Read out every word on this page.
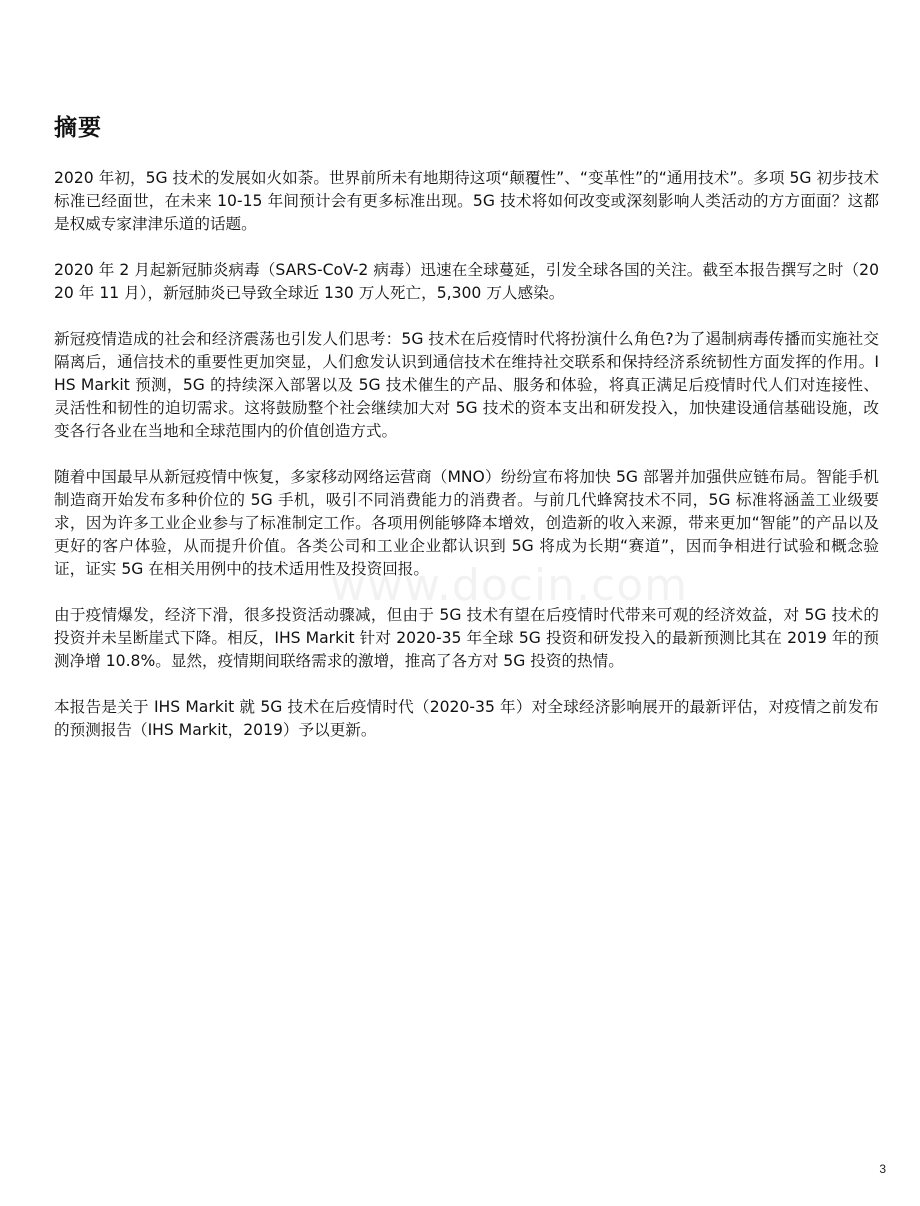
摘要

2020 年初，5G 技术的发展如火如荼。世界前所未有地期待这项“颠覆性”、“变革性”的“通用技术”。多项 5G 初步技术标准已经面世，在未来 10-15 年间预计会有更多标准出现。5G 技术将如何改变或深刻影响人类活动的方方面面？这都是权威专家津津乐道的话题。

2020 年 2 月起新冠肺炎病毒（SARS-CoV-2 病毒）迅速在全球蔓延，引发全球各国的关注。截至本报告撰写之时（2020 年 11 月），新冠肺炎已导致全球近 130 万人死亡，5,300 万人感染。

新冠疫情造成的社会和经济震荡也引发人们思考：5G 技术在后疫情时代将扮演什么角色?为了遏制病毒传播而实施社交隔离后，通信技术的重要性更加突显，人们愈发认识到通信技术在维持社交联系和保持经济系统韧性方面发挥的作用。IHS Markit 预测，5G 的持续深入部署以及 5G 技术催生的产品、服务和体验，将真正满足后疫情时代人们对连接性、灵活性和韧性的迫切需求。这将鼓励整个社会继续加大对 5G 技术的资本支出和研发投入，加快建设通信基础设施，改变各行各业在当地和全球范围内的价值创造方式。

随着中国最早从新冠疫情中恢复，多家移动网络运营商（MNO）纷纷宣布将加快 5G 部署并加强供应链布局。智能手机制造商开始发布多种价位的 5G 手机，吸引不同消费能力的消费者。与前几代蜂窝技术不同，5G 标准将涵盖工业级要求，因为许多工业企业参与了标准制定工作。各项用例能够降本增效，创造新的收入来源，带来更加“智能”的产品以及更好的客户体验，从而提升价值。各类公司和工业企业都认识到 5G 将成为长期“赛道”，因而争相进行试验和概念验证，证实 5G 在相关用例中的技术适用性及投资回报。

由于疫情爆发，经济下滑，很多投资活动骤减，但由于 5G 技术有望在后疫情时代带来可观的经济效益，对 5G 技术的投资并未呈断崖式下降。相反，IHS Markit 针对 2020-35 年全球 5G 投资和研发投入的最新预测比其在 2019 年的预测净增 10.8%。显然，疫情期间联络需求的激增，推高了各方对 5G 投资的热情。

本报告是关于 IHS Markit 就 5G 技术在后疫情时代（2020-35 年）对全球经济影响展开的最新评估，对疫情之前发布的预测报告（IHS Markit，2019）予以更新。

www.docin.com
3
